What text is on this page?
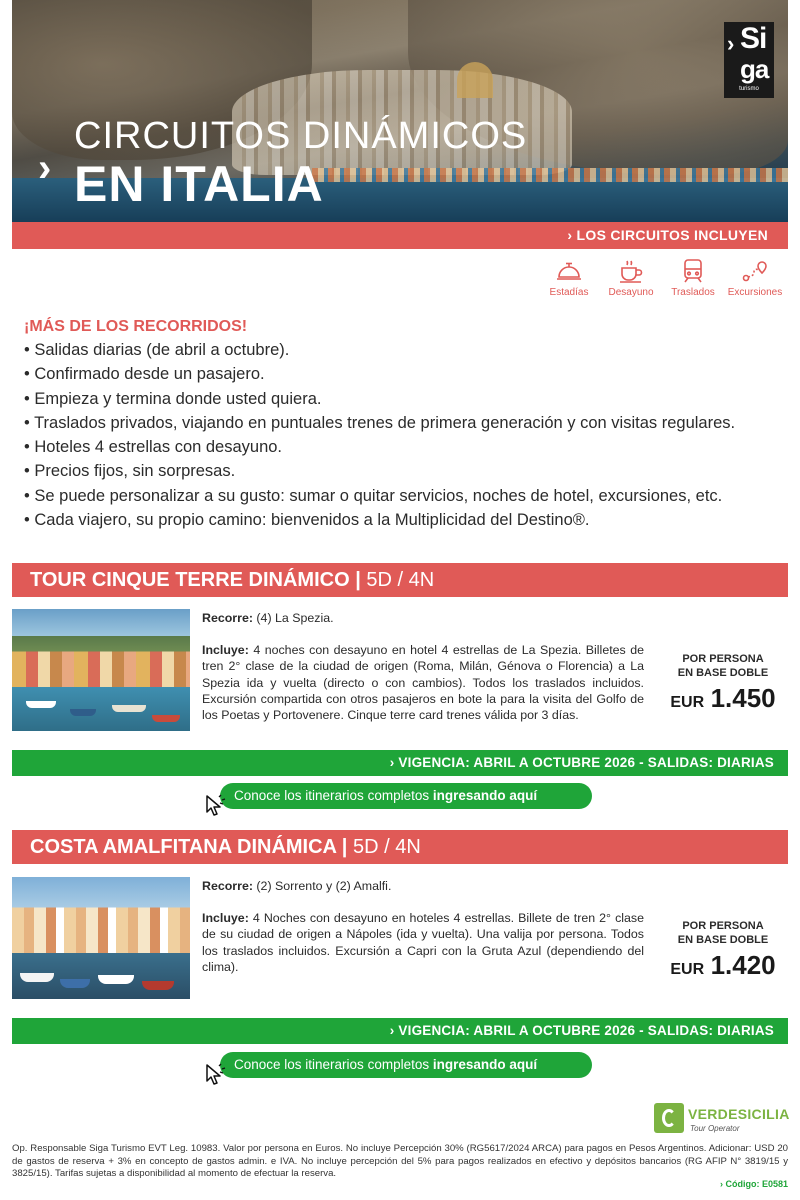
› Si
ga
turismo
›
CIRCUITOS DINÁMICOS
EN ITALIA
› LOS CIRCUITOS INCLUYEN
Estadías	Desayuno	Traslados	Excursiones
¡MÁS DE LOS RECORRIDOS!
• Salidas diarias (de abril a octubre).
• Confirmado desde un pasajero.
• Empieza y termina donde usted quiera.
• Traslados privados, viajando en puntuales trenes de primera generación y con visitas regulares.
• Hoteles 4 estrellas con desayuno.
• Precios fijos, sin sorpresas.
• Se puede personalizar a su gusto: sumar o quitar servicios, noches de hotel, excursiones, etc.
• Cada viajero, su propio camino: bienvenidos a la Multiplicidad del Destino®.
TOUR CINQUE TERRE DINÁMICO | 5D / 4N

Recorre: (4) La Spezia.

Incluye: 4 noches con desayuno en hotel 4 estrellas de La Spezia. Billetes de tren 2° clase de la ciudad de origen (Roma, Milán, Génova o Florencia) a La Spezia ida y vuelta (directo o con cambios). Todos los traslados incluidos. Excursión compartida con otros pasajeros en bote la para la visita del Golfo de los Poetas y Portovenere. Cinque terre card trenes válida por 3 días.

POR PERSONA
EN BASE DOBLE
EUR 1.450
› VIGENCIA: ABRIL A OCTUBRE 2026 - SALIDAS: DIARIAS
Conoce los itinerarios completos ingresando aquí
COSTA AMALFITANA DINÁMICA | 5D / 4N

Recorre: (2) Sorrento y (2) Amalfi.

Incluye: 4 Noches con desayuno en hoteles 4 estrellas. Billete de tren 2° clase de su ciudad de origen a Nápoles (ida y vuelta). Una valija por persona. Todos los traslados incluidos. Excursión a Capri con la Gruta Azul (dependiendo del clima).

POR PERSONA
EN BASE DOBLE
EUR 1.420
› VIGENCIA: ABRIL A OCTUBRE 2026 - SALIDAS: DIARIAS
Conoce los itinerarios completos ingresando aquí
VERDESICILIA
Tour Operator
Op. Responsable Siga Turismo EVT Leg. 10983. Valor por persona en Euros. No incluye Percepción 30% (RG5617/2024 ARCA) para pagos en Pesos Argentinos. Adicionar: USD 20 de gastos de reserva + 3% en concepto de gastos admin. e IVA. No incluye percepción del 5% para pagos realizados en efectivo y depósitos bancarios (RG AFIP N° 3819/15 y 3825/15). Tarifas sujetas a disponibilidad al momento de efectuar la reserva.
› Código: E0581
